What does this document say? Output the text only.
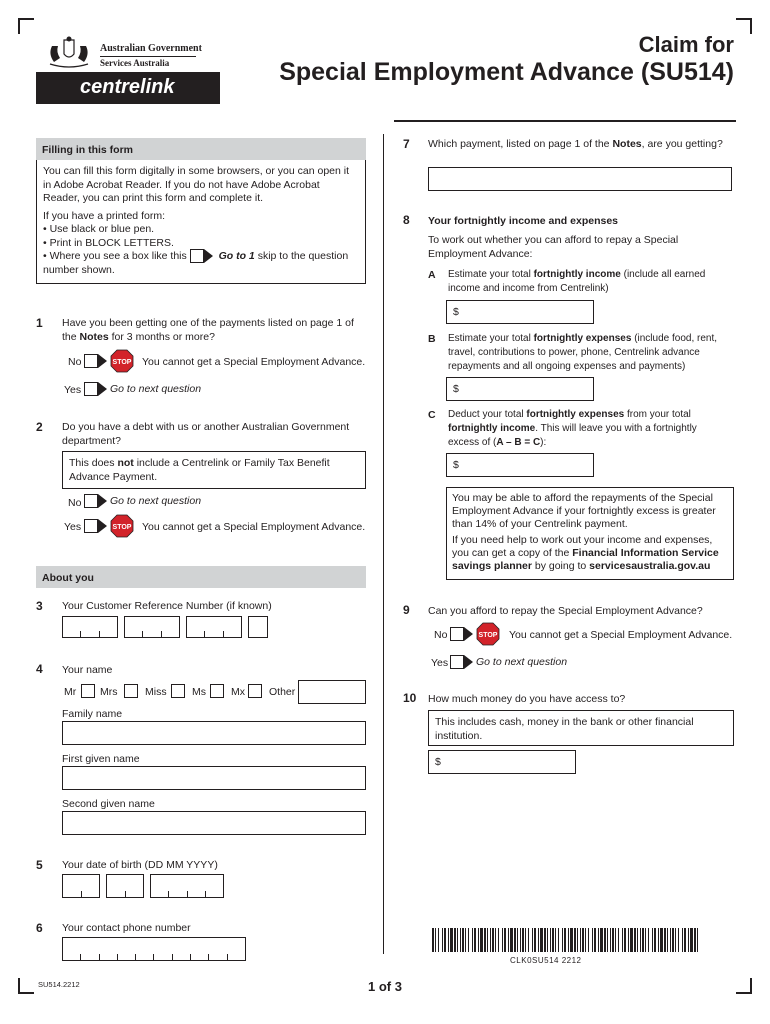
Australian Government
Services Australia
centrelink
Claim for
Special Employment Advance (SU514)
Filling in this form
You can fill this form digitally in some browsers, or you can open it in Adobe Acrobat Reader. If you do not have Adobe Acrobat Reader, you can print this form and complete it.
If you have a printed form:
• Use black or blue pen.
• Print in BLOCK LETTERS.
• Where you see a box like this	Go to 1 skip to the question number shown.
1 Have you been getting one of the payments listed on page 1 of the Notes for 3 months or more?
No	STOP You cannot get a Special Employment Advance.
Yes	Go to next question
2 Do you have a debt with us or another Australian Government department?
This does not include a Centrelink or Family Tax Benefit Advance Payment.
No	Go to next question
Yes	STOP You cannot get a Special Employment Advance.
About you
3 Your Customer Reference Number (if known)
4 Your name
Mr Mrs	Miss Ms Mx Other
Family name
First given name
Second given name
5 Your date of birth (DD MM YYYY)
6 Your contact phone number
7 Which payment, listed on page 1 of the Notes, are you getting?
8 Your fortnightly income and expenses
To work out whether you can afford to repay a Special Employment Advance:
A Estimate your total fortnightly income (include all earned income and income from Centrelink)
$
B Estimate your total fortnightly expenses (include food, rent, travel, contributions to power, phone, Centrelink advance repayments and all ongoing expenses and payments)
$
C Deduct your total fortnightly expenses from your total fortnightly income. This will leave you with a fortnightly excess of (A – B = C):
$
You may be able to afford the repayments of the Special Employment Advance if your fortnightly excess is greater than 14% of your Centrelink payment.
If you need help to work out your income and expenses, you can get a copy of the Financial Information Service savings planner by going to servicesaustralia.gov.au
9 Can you afford to repay the Special Employment Advance?
No	STOP You cannot get a Special Employment Advance.
Yes	Go to next question
10 How much money do you have access to?
This includes cash, money in the bank or other financial institution.
$
CLK0SU514 2212
SU514.2212	1 of 3
